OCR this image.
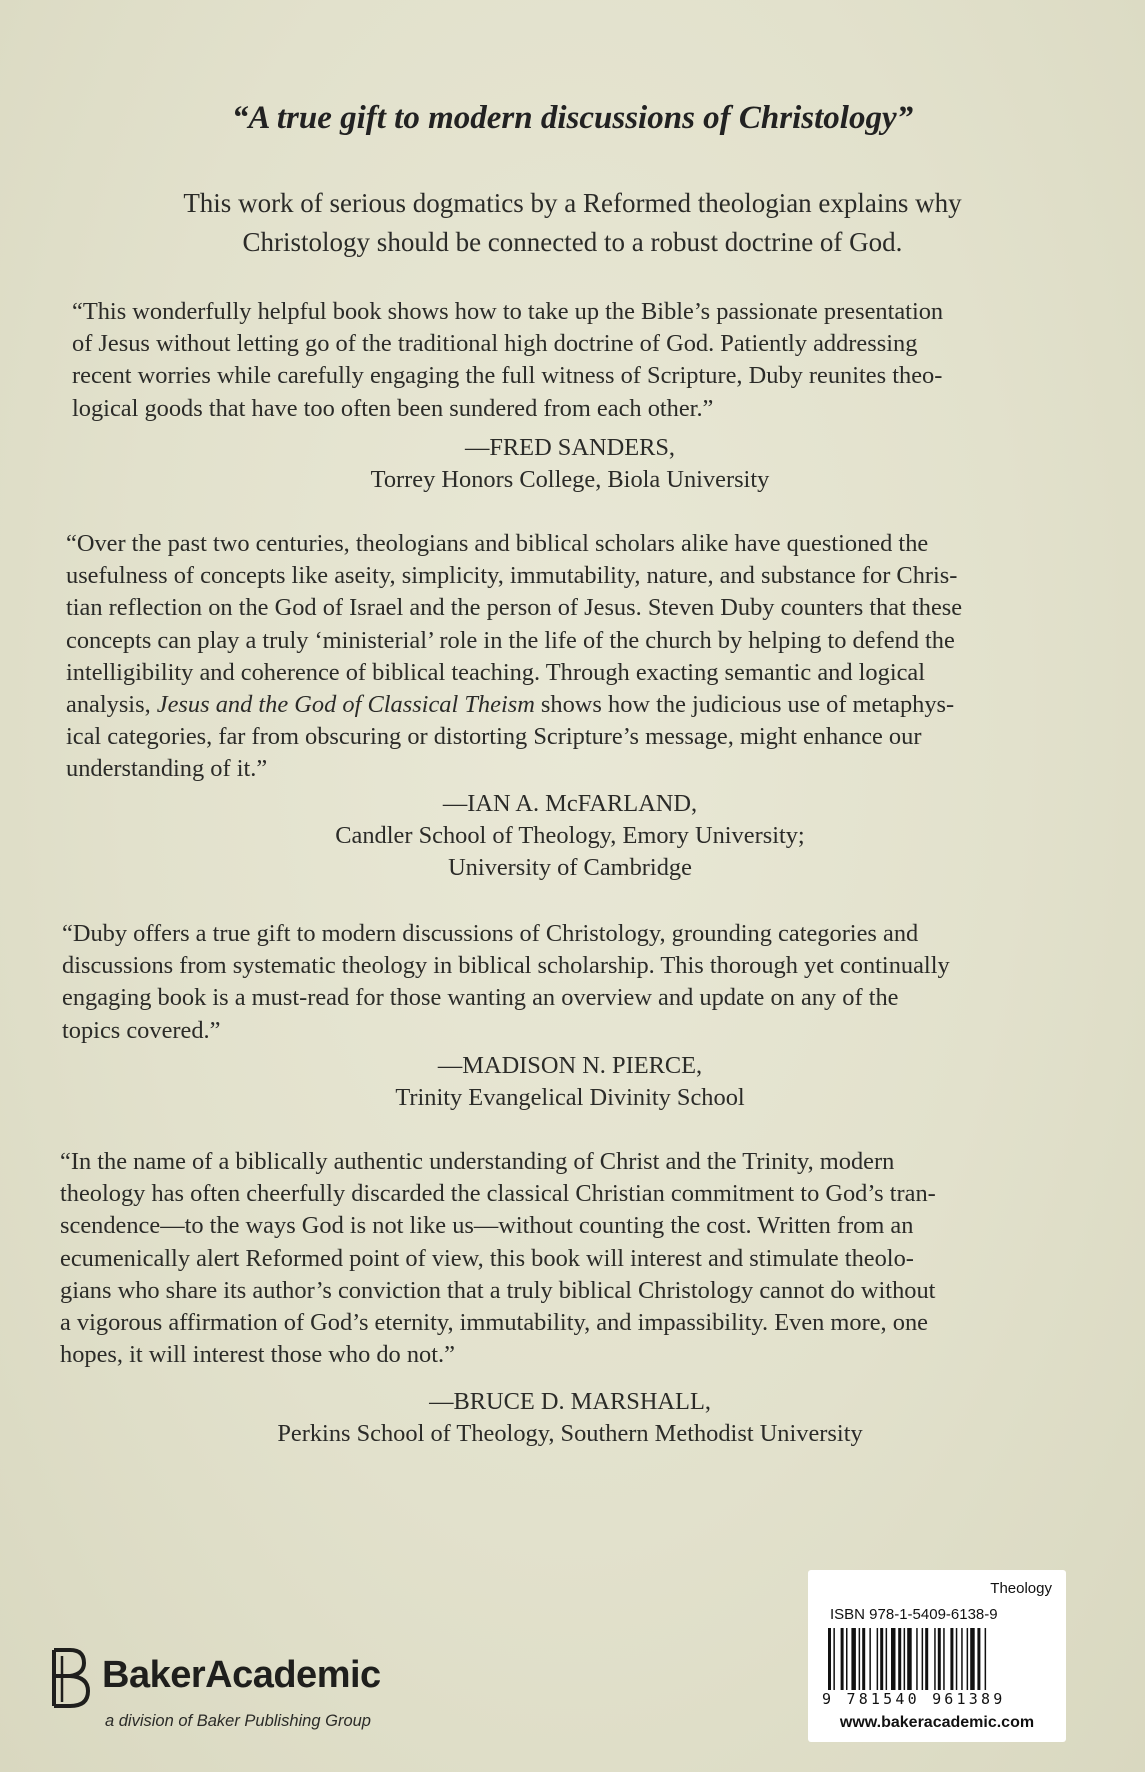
“A true gift to modern discussions of Christology”
This work of serious dogmatics by a Reformed theologian explains why
Christology should be connected to a robust doctrine of God.
“This wonderfully helpful book shows how to take up the Bible’s passionate presentation
of Jesus without letting go of the traditional high doctrine of God. Patiently addressing
recent worries while carefully engaging the full witness of Scripture, Duby reunites theo-
logical goods that have too often been sundered from each other.”
—FRED SANDERS,
Torrey Honors College, Biola University
“Over the past two centuries, theologians and biblical scholars alike have questioned the
usefulness of concepts like aseity, simplicity, immutability, nature, and substance for Chris-
tian reflection on the God of Israel and the person of Jesus. Steven Duby counters that these
concepts can play a truly ‘ministerial’ role in the life of the church by helping to defend the
intelligibility and coherence of biblical teaching. Through exacting semantic and logical
analysis, Jesus and the God of Classical Theism shows how the judicious use of metaphys-
ical categories, far from obscuring or distorting Scripture’s message, might enhance our
understanding of it.”
—IAN A. McFARLAND,
Candler School of Theology, Emory University;
University of Cambridge
“Duby offers a true gift to modern discussions of Christology, grounding categories and
discussions from systematic theology in biblical scholarship. This thorough yet continually
engaging book is a must-read for those wanting an overview and update on any of the
topics covered.”
—MADISON N. PIERCE,
Trinity Evangelical Divinity School
“In the name of a biblically authentic understanding of Christ and the Trinity, modern
theology has often cheerfully discarded the classical Christian commitment to God’s tran-
scendence—to the ways God is not like us—without counting the cost. Written from an
ecumenically alert Reformed point of view, this book will interest and stimulate theolo-
gians who share its author’s conviction that a truly biblical Christology cannot do without
a vigorous affirmation of God’s eternity, immutability, and impassibility. Even more, one
hopes, it will interest those who do not.”
—BRUCE D. MARSHALL,
Perkins School of Theology, Southern Methodist University
BakerAcademic
a division of Baker Publishing Group
Theology
ISBN 978-1-5409-6138-9
9 781540 961389
www.bakeracademic.com
